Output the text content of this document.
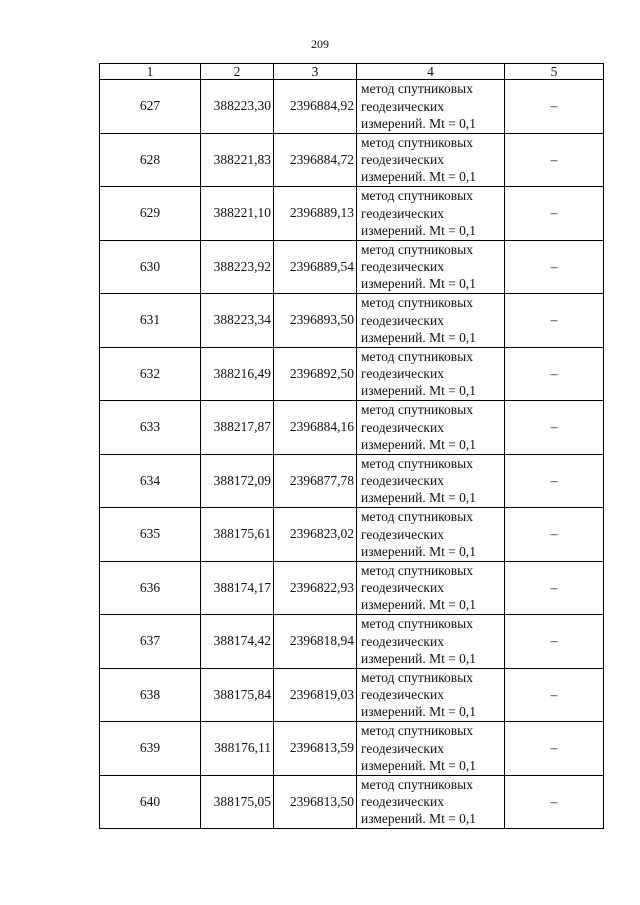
209
1	2	3	4	5
627	388223,30	2396884,92	метод спутниковых
геодезических
измерений. Mt = 0,1	–
628	388221,83	2396884,72	метод спутниковых
геодезических
измерений. Mt = 0,1	–
629	388221,10	2396889,13	метод спутниковых
геодезических
измерений. Mt = 0,1	–
630	388223,92	2396889,54	метод спутниковых
геодезических
измерений. Mt = 0,1	–
631	388223,34	2396893,50	метод спутниковых
геодезических
измерений. Mt = 0,1	–
632	388216,49	2396892,50	метод спутниковых
геодезических
измерений. Mt = 0,1	–
633	388217,87	2396884,16	метод спутниковых
геодезических
измерений. Mt = 0,1	–
634	388172,09	2396877,78	метод спутниковых
геодезических
измерений. Mt = 0,1	–
635	388175,61	2396823,02	метод спутниковых
геодезических
измерений. Mt = 0,1	–
636	388174,17	2396822,93	метод спутниковых
геодезических
измерений. Mt = 0,1	–
637	388174,42	2396818,94	метод спутниковых
геодезических
измерений. Mt = 0,1	–
638	388175,84	2396819,03	метод спутниковых
геодезических
измерений. Mt = 0,1	–
639	388176,11	2396813,59	метод спутниковых
геодезических
измерений. Mt = 0,1	–
640	388175,05	2396813,50	метод спутниковых
геодезических
измерений. Mt = 0,1	–
